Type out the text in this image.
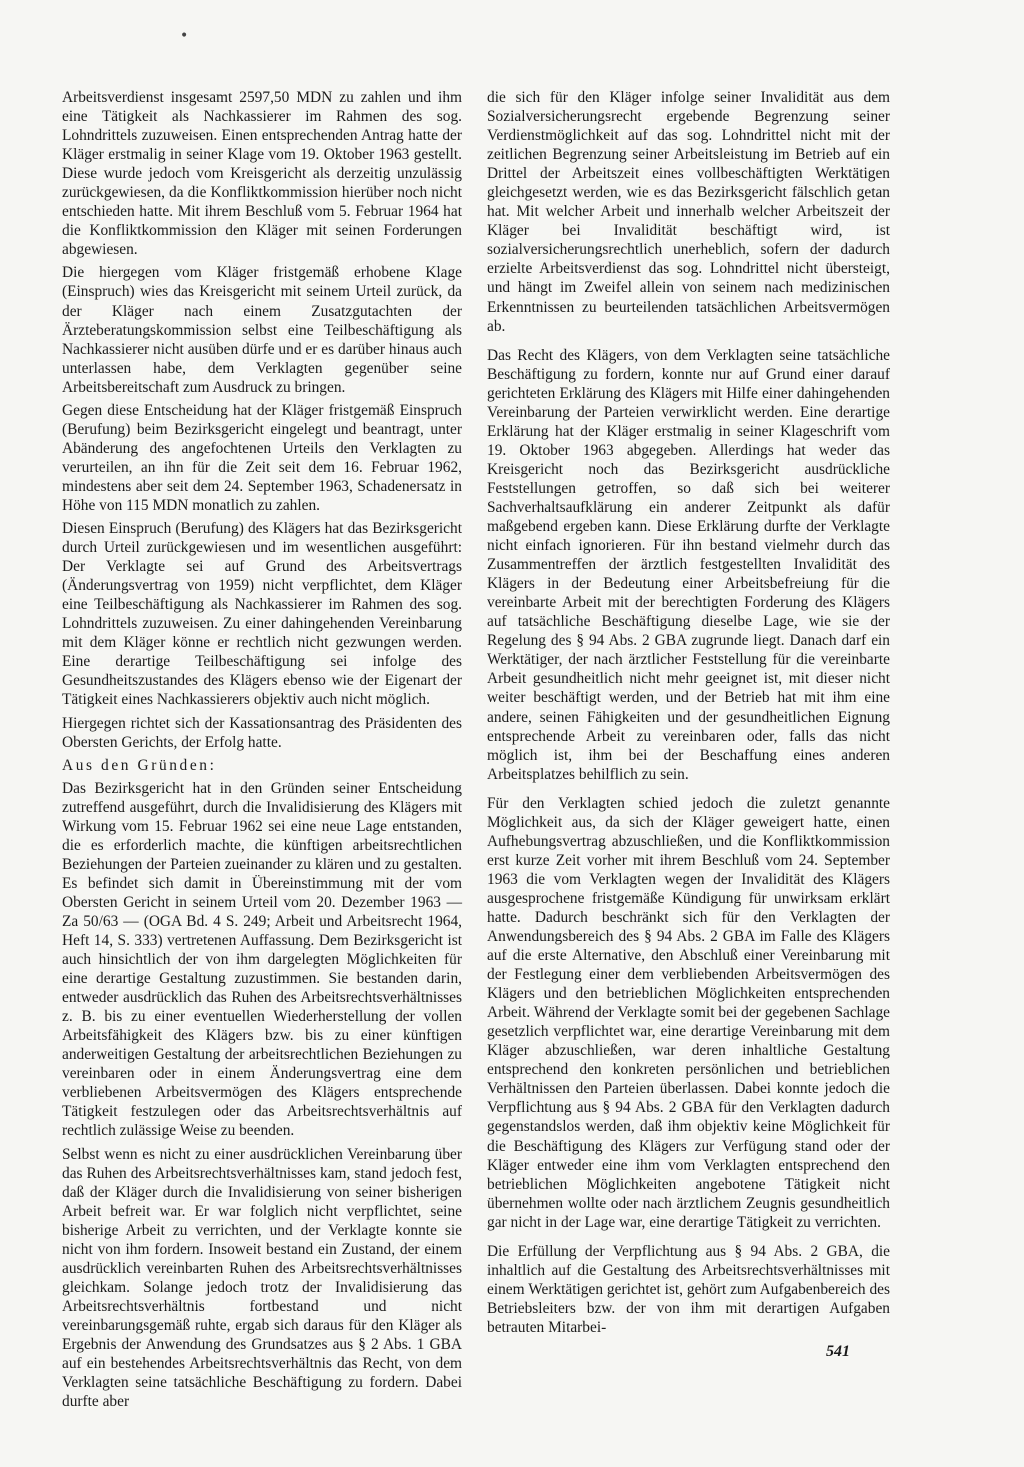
•

Arbeitsverdienst insgesamt 2597,50 MDN zu zahlen und ihm eine Tätigkeit als Nachkassierer im Rahmen des sog. Lohndrittels zuzuweisen. Einen entsprechenden Antrag hatte der Kläger erstmalig in seiner Klage vom 19. Oktober 1963 gestellt. Diese wurde jedoch vom Kreisgericht als derzeitig unzulässig zurückgewiesen, da die Konfliktkommission hierüber noch nicht entschieden hatte. Mit ihrem Beschluß vom 5. Februar 1964 hat die Konfliktkommission den Kläger mit seinen Forderungen abgewiesen.

Die hiergegen vom Kläger fristgemäß erhobene Klage (Einspruch) wies das Kreisgericht mit seinem Urteil zurück, da der Kläger nach einem Zusatzgutachten der Ärzteberatungskommission selbst eine Teilbeschäftigung als Nachkassierer nicht ausüben dürfe und er es darüber hinaus auch unterlassen habe, dem Verklagten gegenüber seine Arbeitsbereitschaft zum Ausdruck zu bringen.

Gegen diese Entscheidung hat der Kläger fristgemäß Einspruch (Berufung) beim Bezirksgericht eingelegt und beantragt, unter Abänderung des angefochtenen Urteils den Verklagten zu verurteilen, an ihn für die Zeit seit dem 16. Februar 1962, mindestens aber seit dem 24. September 1963, Schadenersatz in Höhe von 115 MDN monatlich zu zahlen.

Diesen Einspruch (Berufung) des Klägers hat das Bezirksgericht durch Urteil zurückgewiesen und im wesentlichen ausgeführt: Der Verklagte sei auf Grund des Arbeitsvertrags (Änderungsvertrag von 1959) nicht verpflichtet, dem Kläger eine Teilbeschäftigung als Nachkassierer im Rahmen des sog. Lohndrittels zuzuweisen. Zu einer dahingehenden Vereinbarung mit dem Kläger könne er rechtlich nicht gezwungen werden. Eine derartige Teilbeschäftigung sei infolge des Gesundheitszustandes des Klägers ebenso wie der Eigenart der Tätigkeit eines Nachkassierers objektiv auch nicht möglich.

Hiergegen richtet sich der Kassationsantrag des Präsidenten des Obersten Gerichts, der Erfolg hatte.

Aus den Gründen:

Das Bezirksgericht hat in den Gründen seiner Entscheidung zutreffend ausgeführt, durch die Invalidisierung des Klägers mit Wirkung vom 15. Februar 1962 sei eine neue Lage entstanden, die es erforderlich machte, die künftigen arbeitsrechtlichen Beziehungen der Parteien zueinander zu klären und zu gestalten. Es befindet sich damit in Übereinstimmung mit der vom Obersten Gericht in seinem Urteil vom 20. Dezember 1963 — Za 50/63 — (OGA Bd. 4 S. 249; Arbeit und Arbeitsrecht 1964, Heft 14, S. 333) vertretenen Auffassung. Dem Bezirksgericht ist auch hinsichtlich der von ihm dargelegten Möglichkeiten für eine derartige Gestaltung zuzustimmen. Sie bestanden darin, entweder ausdrücklich das Ruhen des Arbeitsrechtsverhältnisses z. B. bis zu einer eventuellen Wiederherstellung der vollen Arbeitsfähigkeit des Klägers bzw. bis zu einer künftigen anderweitigen Gestaltung der arbeitsrechtlichen Beziehungen zu vereinbaren oder in einem Änderungsvertrag eine dem verbliebenen Arbeitsvermögen des Klägers entsprechende Tätigkeit festzulegen oder das Arbeitsrechtsverhältnis auf rechtlich zulässige Weise zu beenden.

Selbst wenn es nicht zu einer ausdrücklichen Vereinbarung über das Ruhen des Arbeitsrechtsverhältnisses kam, stand jedoch fest, daß der Kläger durch die Invalidisierung von seiner bisherigen Arbeit befreit war. Er war folglich nicht verpflichtet, seine bisherige Arbeit zu verrichten, und der Verklagte konnte sie nicht von ihm fordern. Insoweit bestand ein Zustand, der einem ausdrücklich vereinbarten Ruhen des Arbeitsrechtsverhältnisses gleichkam. Solange jedoch trotz der Invalidisierung das Arbeitsrechtsverhältnis fortbestand und nicht vereinbarungsgemäß ruhte, ergab sich daraus für den Kläger als Ergebnis der Anwendung des Grundsatzes aus § 2 Abs. 1 GBA auf ein bestehendes Arbeitsrechtsverhältnis das Recht, von dem Verklagten seine tatsächliche Beschäftigung zu fordern. Dabei durfte aber

die sich für den Kläger infolge seiner Invalidität aus dem Sozialversicherungsrecht ergebende Begrenzung seiner Verdienstmöglichkeit auf das sog. Lohndrittel nicht mit der zeitlichen Begrenzung seiner Arbeitsleistung im Betrieb auf ein Drittel der Arbeitszeit eines vollbeschäftigten Werktätigen gleichgesetzt werden, wie es das Bezirksgericht fälschlich getan hat. Mit welcher Arbeit und innerhalb welcher Arbeitszeit der Kläger bei Invalidität beschäftigt wird, ist sozialversicherungsrechtlich unerheblich, sofern der dadurch erzielte Arbeitsverdienst das sog. Lohndrittel nicht übersteigt, und hängt im Zweifel allein von seinem nach medizinischen Erkenntnissen zu beurteilenden tatsächlichen Arbeitsvermögen ab.

Das Recht des Klägers, von dem Verklagten seine tatsächliche Beschäftigung zu fordern, konnte nur auf Grund einer darauf gerichteten Erklärung des Klägers mit Hilfe einer dahingehenden Vereinbarung der Parteien verwirklicht werden. Eine derartige Erklärung hat der Kläger erstmalig in seiner Klageschrift vom 19. Oktober 1963 abgegeben. Allerdings hat weder das Kreisgericht noch das Bezirksgericht ausdrückliche Feststellungen getroffen, so daß sich bei weiterer Sachverhaltsaufklärung ein anderer Zeitpunkt als dafür maßgebend ergeben kann. Diese Erklärung durfte der Verklagte nicht einfach ignorieren. Für ihn bestand vielmehr durch das Zusammentreffen der ärztlich festgestellten Invalidität des Klägers in der Bedeutung einer Arbeitsbefreiung für die vereinbarte Arbeit mit der berechtigten Forderung des Klägers auf tatsächliche Beschäftigung dieselbe Lage, wie sie der Regelung des § 94 Abs. 2 GBA zugrunde liegt. Danach darf ein Werktätiger, der nach ärztlicher Feststellung für die vereinbarte Arbeit gesundheitlich nicht mehr geeignet ist, mit dieser nicht weiter beschäftigt werden, und der Betrieb hat mit ihm eine andere, seinen Fähigkeiten und der gesundheitlichen Eignung entsprechende Arbeit zu vereinbaren oder, falls das nicht möglich ist, ihm bei der Beschaffung eines anderen Arbeitsplatzes behilflich zu sein.

Für den Verklagten schied jedoch die zuletzt genannte Möglichkeit aus, da sich der Kläger geweigert hatte, einen Aufhebungsvertrag abzuschließen, und die Konfliktkommission erst kurze Zeit vorher mit ihrem Beschluß vom 24. September 1963 die vom Verklagten wegen der Invalidität des Klägers ausgesprochene fristgemäße Kündigung für unwirksam erklärt hatte. Dadurch beschränkt sich für den Verklagten der Anwendungsbereich des § 94 Abs. 2 GBA im Falle des Klägers auf die erste Alternative, den Abschluß einer Vereinbarung mit der Festlegung einer dem verbliebenden Arbeitsvermögen des Klägers und den betrieblichen Möglichkeiten entsprechenden Arbeit. Während der Verklagte somit bei der gegebenen Sachlage gesetzlich verpflichtet war, eine derartige Vereinbarung mit dem Kläger abzuschließen, war deren inhaltliche Gestaltung entsprechend den konkreten persönlichen und betrieblichen Verhältnissen den Parteien überlassen. Dabei konnte jedoch die Verpflichtung aus § 94 Abs. 2 GBA für den Verklagten dadurch gegenstandslos werden, daß ihm objektiv keine Möglichkeit für die Beschäftigung des Klägers zur Verfügung stand oder der Kläger entweder eine ihm vom Verklagten entsprechend den betrieblichen Möglichkeiten angebotene Tätigkeit nicht übernehmen wollte oder nach ärztlichem Zeugnis gesundheitlich gar nicht in der Lage war, eine derartige Tätigkeit zu verrichten.

Die Erfüllung der Verpflichtung aus § 94 Abs. 2 GBA, die inhaltlich auf die Gestaltung des Arbeitsrechtsverhältnisses mit einem Werktätigen gerichtet ist, gehört zum Aufgabenbereich des Betriebsleiters bzw. der von ihm mit derartigen Aufgaben betrauten Mitarbei-

541
